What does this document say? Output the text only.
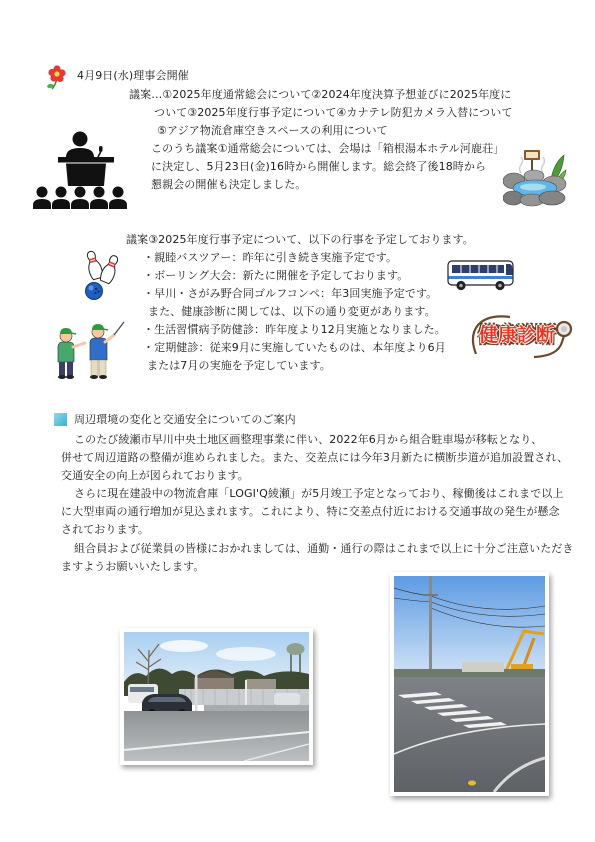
4月9日(水)理事会開催
議案…①2025年度通常総会について②2024年度決算予想並びに2025年度に
ついて③2025年度行事予定について④カナテレ防犯カメラ入替について
⑤アジア物流倉庫空きスペースの利用について
このうち議案①通常総会については、会場は「箱根湯本ホテル河鹿荘」
に決定し、5月23日(金)16時から開催します。総会終了後18時から
懇親会の開催も決定しました。
議案③2025年度行事予定について、以下の行事を予定しております。
・親睦バスツアー：昨年に引き続き実施予定です。
・ボーリング大会：新たに開催を予定しております。
・早川・さがみ野合同ゴルフコンペ：年3回実施予定です。
また、健康診断に関しては、以下の通り変更があります。
・生活習慣病予防健診：昨年度より12月実施となりました。
・定期健診：従来9月に実施していたものは、本年度より6月
または7月の実施を予定しています。
健康診断
周辺環境の変化と交通安全についてのご案内
このたび綾瀬市早川中央土地区画整理事業に伴い、2022年6月から組合駐車場が移転となり、
併せて周辺道路の整備が進められました。また、交差点には今年3月新たに横断歩道が追加設置され、
交通安全の向上が図られております。
さらに現在建設中の物流倉庫「LOGI'Q綾瀬」が5月竣工予定となっており、稼働後はこれまで以上
に大型車両の通行増加が見込まれます。これにより、特に交差点付近における交通事故の発生が懸念
されております。
組合員および従業員の皆様におかれましては、通勤・通行の際はこれまで以上に十分ご注意いただき
ますようお願いいたします。
